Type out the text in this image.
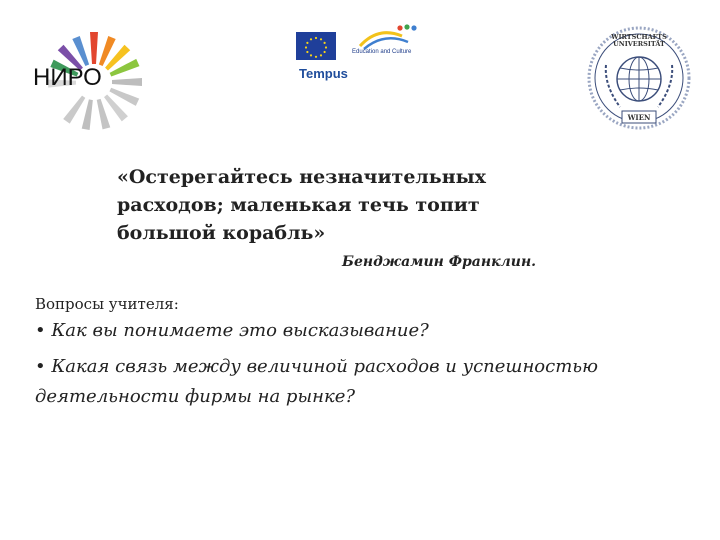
НИРО
Education and Culture
Tempus
WIRTSCHAFTS
UNIVERSITÄT
WIEN
«Остерегайтесь незначительных расходов; маленькая течь топит большой корабль»
Бенджамин Франклин.
Вопросы учителя:
• Как вы понимаете это высказывание?
• Какая связь между величиной расходов и успешностью деятельности фирмы на рынке?
